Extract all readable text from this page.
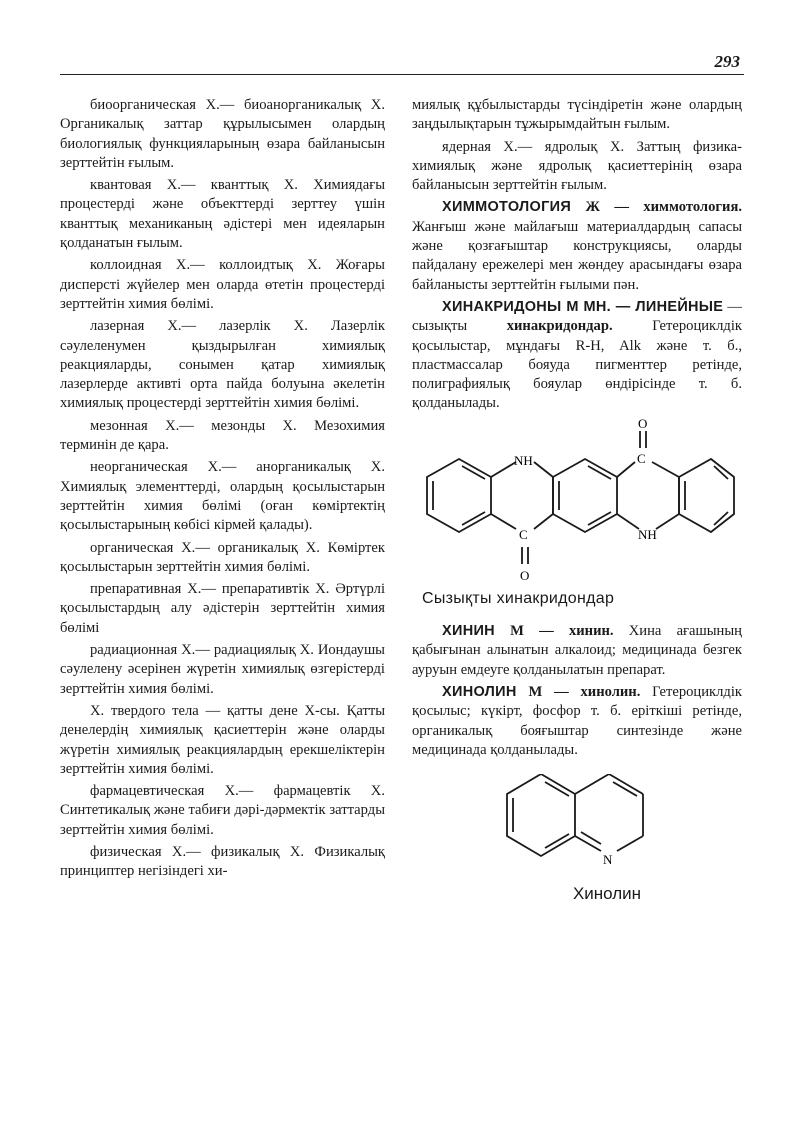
293

биоорганическая Х.— биоанорганикалық Х. Органикалық заттар құрылысымен олардың биологиялық функцияларының өзара байланысын зерттейтін ғылым.

квантовая Х.— кванттық Х. Химиядағы процестерді және объекттерді зерттеу үшін кванттық механиканың әдістері мен идеяларын қолданатын ғылым.

коллоидная Х.— коллоидтық Х. Жоғары дисперсті жүйелер мен оларда өтетін процестерді зерттейтін химия бөлімі.

лазерная Х.— лазерлік Х. Лазерлік сәулеленумен қыздырылған химиялық реакцияларды, сонымен қатар химиялық лазерлерде активті орта пайда болуына әкелетін химиялық процестерді зерттейтін химия бөлімі.

мезонная Х.— мезонды Х. Мезохимия терминін де қара.

неорганическая Х.— анорганикалық Х. Химиялық элементтерді, олардың қосылыстарын зерттейтін химия бөлімі (оған көміртектің қосылыстарының көбісі кірмей қалады).

органическая Х.— органикалық Х. Көміртек қосылыстарын зерттейтін химия бөлімі.

препаративная Х.— препаративтік Х. Әртүрлі қосылыстардың алу әдістерін зерттейтін химия бөлімі

радиационная Х.— радиациялық Х. Иондаушы сәулелену әсерінен жүретін химиялық өзгерістерді зерттейтін химия бөлімі.

Х. твердого тела — қатты дене Х-сы. Қатты денелердің химиялық қасиеттерін және оларды жүретін химиялық реакциялардың ерекшеліктерін зерттейтін химия бөлімі.

фармацевтическая Х.— фармацевтік Х. Синтетикалық және табиғи дәрі-дәрмектік заттарды зерттейтін химия бөлімі.

физическая Х.— физикалық Х. Физикалық принциптер негізіндегі хи-

миялық құбылыстарды түсіндіретін және олардың заңдылықтарын тұжырымдайтын ғылым.

ядерная Х.— ядролық Х. Заттың физика-химиялық және ядролық қасиеттерінің өзара байланысын зерттейтін ғылым.

ХИММОТОЛОГИЯ Ж — химмотология. Жанғыш және майлағыш материалдардың сапасы және қозғағыштар конструкциясы, оларды пайдалану ережелері мен жөндеу арасындағы өзара байланысты зерттейтін ғылыми пән.

ХИНАКРИДОНЫ М МН. — ЛИНЕЙНЫЕ — сызықты хинакридондар. Гетероциклдік қосылыстар, мұндағы R-H, Alk және т. б., пластмассалар бояуда пигменттер ретінде, полиграфиялық бояулар өндірісінде т. б. қолданылады.

NH
O
C
C
O
NH
Сызықты хинакридондар

ХИНИН М — хинин. Хина ағашының қабығынан алынатын алкалоид; медицинада безгек ауруын емдеуге қолданылатын препарат.

ХИНОЛИН М — хинолин. Гетероциклдік қосылыс; күкірт, фосфор т. б. еріткіші ретінде, органикалық бояғыштар синтезінде және медицинада қолданылады.

N
Хинолин
